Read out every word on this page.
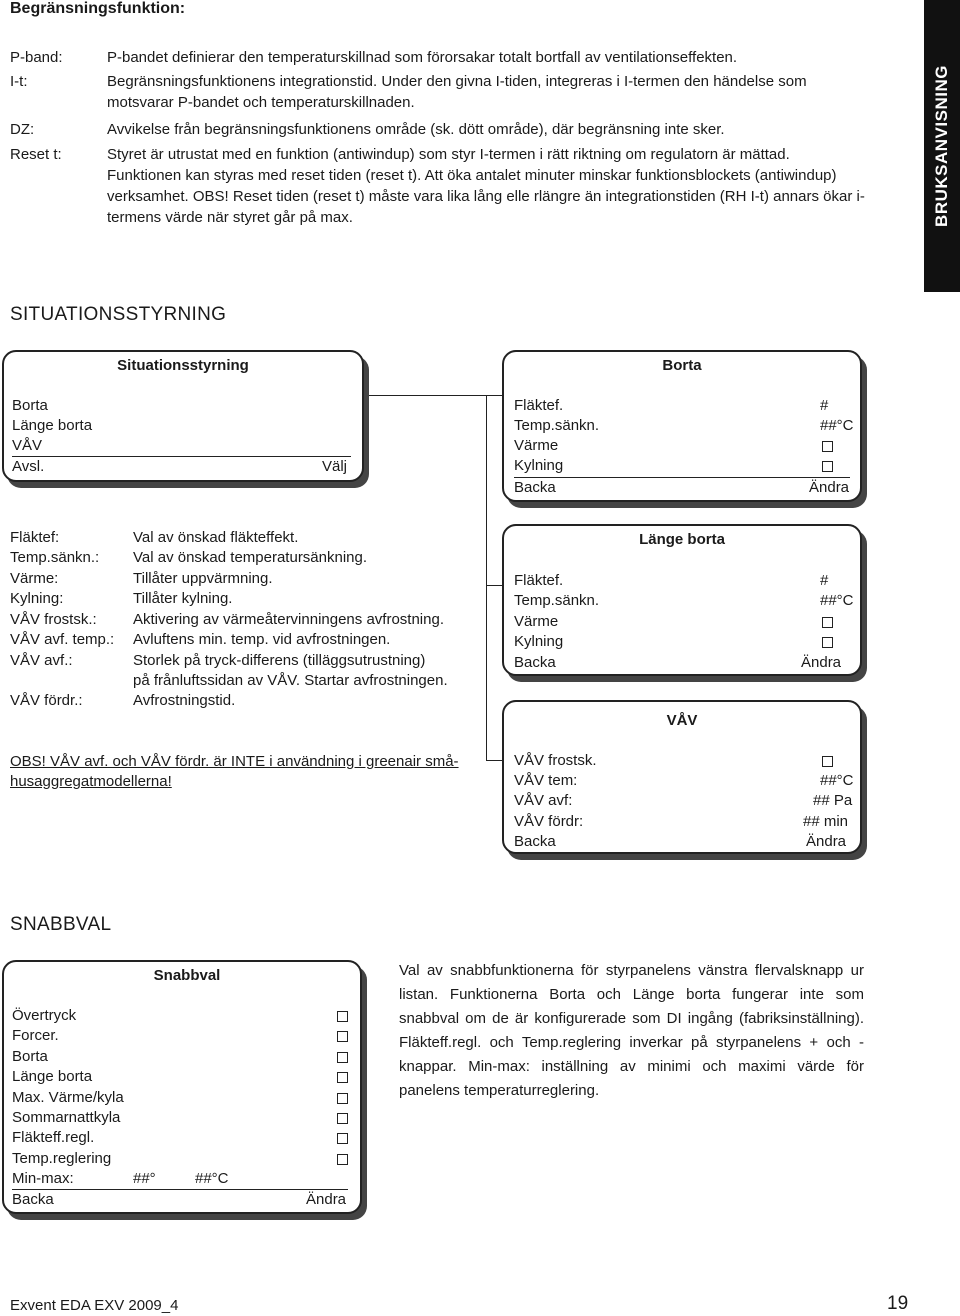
Begränsningsfunktion:
P-band:	P-bandet definierar den temperaturskillnad som förorsakar totalt bortfall av ventilationseffekten.
I-t:	Begränsningsfunktionens integrationstid. Under den givna I-tiden, integreras i I-termen den händelse som motsvarar P-bandet och temperaturskillnaden.
DZ:	Avvikelse från begränsningsfunktionens område (sk. dött område), där begränsning inte sker.
Reset t:	Styret är utrustat med en funktion (antiwindup) som styr I-termen i rätt riktning om regulatorn är mättad. Funktionen kan styras med reset tiden (reset t). Att öka antalet minuter minskar funktionsblockets (antiwindup) verksamhet. OBS! Reset tiden (reset t) måste vara lika lång elle rlängre än integrationstiden (RH I-t) annars ökar i-termens värde när styret går på max.	BRUKSANVISNING
SITUATIONSSTYRNING
Situationsstyrning
Borta
Länge borta
VÅV
Avsl.	Välj
Borta
Fläktef.	#
Temp.sänkn.	##°C
Värme
Kylning
Backa	Ändra
Länge borta
Fläktef.	#
Temp.sänkn.	##°C
Värme
Kylning
Backa	Ändra
VÅV
VÅV frostsk.
VÅV tem:	##°C
VÅV avf:	## Pa
VÅV fördr:	## min
Backa	Ändra
Fläktef:	Val av önskad fläkteffekt.
Temp.sänkn.: Val av önskad temperatursänkning.
Värme:	Tillåter uppvärmning.
Kylning:	Tillåter kylning.
VÅV frostsk.: Aktivering av värmeåtervinningens avfrostning.
VÅV avf. temp.: Avluftens min. temp. vid avfrostningen.
VÅV avf.:	Storlek på tryck-differens (tilläggsutrustning)
på frånluftssidan av VÅV. Startar avfrostningen.
VÅV fördr.:	Avfrostningstid.
OBS! VÅV avf. och VÅV fördr. är INTE i användning i greenair små-
husaggregatmodellerna!
SNABBVAL
Snabbval
Övertryck
Forcer.
Borta
Länge borta
Max. Värme/kyla
Sommarnattkyla
Fläkteff.regl.
Temp.reglering
Min-max:	##°	##°C
Backa	Ändra
Val av snabbfunktionerna för styrpanelens vänstra flervalsknapp ur listan. Funktionerna Borta och Länge borta fungerar inte som snabbval om de är konfigurerade som DI ingång (fabriksinställning). Fläkteff.regl. och Temp.reglering inverkar på styrpanelens + och - knappar. Min-max: inställning av minimi och maximi värde för panelens temperaturreglering.
Exvent EDA EXV 2009_4	19
